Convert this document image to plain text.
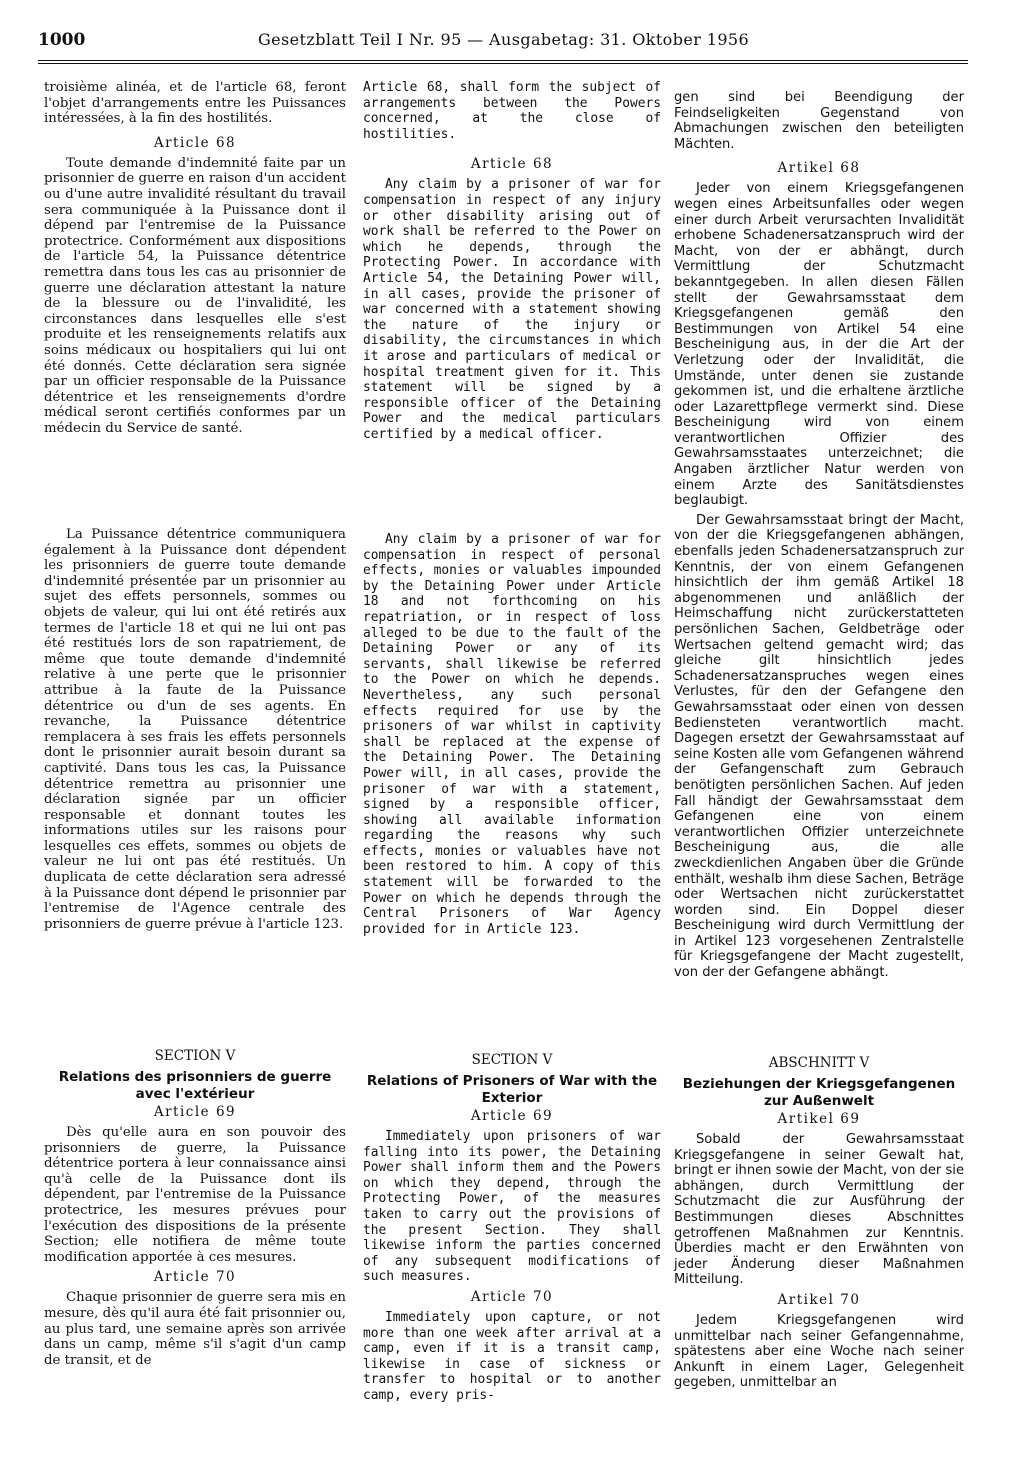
1000	Gesetzblatt Teil I Nr. 95 — Ausgabetag: 31. Oktober 1956

troisième alinéa, et de l'article 68, feront l'objet d'arrangements entre les Puissances intéressées, à la fin des hostilités.

Article 68

Toute demande d'indemnité faite par un prisonnier de guerre en raison d'un accident ou d'une autre invalidité résultant du travail sera communiquée à la Puissance dont il dépend par l'entremise de la Puissance protectrice. Conformément aux dispositions de l'article 54, la Puissance détentrice remettra dans tous les cas au prisonnier de guerre une déclaration attestant la nature de la blessure ou de l'invalidité, les circonstances dans lesquelles elle s'est produite et les renseignements relatifs aux soins médicaux ou hospitaliers qui lui ont été donnés. Cette déclaration sera signée par un officier responsable de la Puissance détentrice et les renseignements d'ordre médical seront certifiés conformes par un médecin du Service de santé.

La Puissance détentrice communiquera également à la Puissance dont dépendent les prisonniers de guerre toute demande d'indemnité présentée par un prisonnier au sujet des effets personnels, sommes ou objets de valeur, qui lui ont été retirés aux termes de l'article 18 et qui ne lui ont pas été restitués lors de son rapatriement, de même que toute demande d'indemnité relative à une perte que le prisonnier attribue à la faute de la Puissance détentrice ou d'un de ses agents. En revanche, la Puissance détentrice remplacera à ses frais les effets personnels dont le prisonnier aurait besoin durant sa captivité. Dans tous les cas, la Puissance détentrice remettra au prisonnier une déclaration signée par un officier responsable et donnant toutes les informations utiles sur les raisons pour lesquelles ces effets, sommes ou objets de valeur ne lui ont pas été restitués. Un duplicata de cette déclaration sera adressé à la Puissance dont dépend le prisonnier par l'entremise de l'Agence centrale des prisonniers de guerre prévue à l'article 123.

SECTION V
Relations des prisonniers de guerre avec l'extérieur
Article 69

Dès qu'elle aura en son pouvoir des prisonniers de guerre, la Puissance détentrice portera à leur connaissance ainsi qu'à celle de la Puissance dont ils dépendent, par l'entremise de la Puissance protectrice, les mesures prévues pour l'exécution des dispositions de la présente Section; elle notifiera de même toute modification apportée à ces mesures.

Article 70

Chaque prisonnier de guerre sera mis en mesure, dès qu'il aura été fait prisonnier ou, au plus tard, une semaine après son arrivée dans un camp, même s'il s'agit d'un camp de transit, et de

Article 68, shall form the subject of arrangements between the Powers concerned, at the close of hostilities.

Article 68

Any claim by a prisoner of war for compensation in respect of any injury or other disability arising out of work shall be referred to the Power on which he depends, through the Protecting Power. In accordance with Article 54, the Detaining Power will, in all cases, provide the prisoner of war concerned with a statement showing the nature of the injury or disability, the circumstances in which it arose and particulars of medical or hospital treatment given for it. This statement will be signed by a responsible officer of the Detaining Power and the medical particulars certified by a medical officer.

Any claim by a prisoner of war for compensation in respect of personal effects, monies or valuables impounded by the Detaining Power under Article 18 and not forthcoming on his repatriation, or in respect of loss alleged to be due to the fault of the Detaining Power or any of its servants, shall likewise be referred to the Power on which he depends. Nevertheless, any such personal effects required for use by the prisoners of war whilst in captivity shall be replaced at the expense of the Detaining Power. The Detaining Power will, in all cases, provide the prisoner of war with a statement, signed by a responsible officer, showing all available information regarding the reasons why such effects, monies or valuables have not been restored to him. A copy of this statement will be forwarded to the Power on which he depends through the Central Prisoners of War Agency provided for in Article 123.

SECTION V
Relations of Prisoners of War with the Exterior
Article 69

Immediately upon prisoners of war falling into its power, the Detaining Power shall inform them and the Powers on which they depend, through the Protecting Power, of the measures taken to carry out the provisions of the present Section. They shall likewise inform the parties concerned of any subsequent modifications of such measures.

Article 70

Immediately upon capture, or not more than one week after arrival at a camp, even if it is a transit camp, likewise in case of sickness or transfer to hospital or to another camp, every pris-

gen sind bei Beendigung der Feindseligkeiten Gegenstand von Abmachungen zwischen den beteiligten Mächten.

Artikel 68

Jeder von einem Kriegsgefangenen wegen eines Arbeitsunfalles oder wegen einer durch Arbeit verursachten Invalidität erhobene Schadenersatzanspruch wird der Macht, von der er abhängt, durch Vermittlung der Schutzmacht bekanntgegeben. In allen diesen Fällen stellt der Gewahrsamsstaat dem Kriegsgefangenen gemäß den Bestimmungen von Artikel 54 eine Bescheinigung aus, in der die Art der Verletzung oder der Invalidität, die Umstände, unter denen sie zustande gekommen ist, und die erhaltene ärztliche oder Lazarettpflege vermerkt sind. Diese Bescheinigung wird von einem verantwortlichen Offizier des Gewahrsamsstaates unterzeichnet; die Angaben ärztlicher Natur werden von einem Arzte des Sanitätsdienstes beglaubigt.

Der Gewahrsamsstaat bringt der Macht, von der die Kriegsgefangenen abhängen, ebenfalls jeden Schadenersatzanspruch zur Kenntnis, der von einem Gefangenen hinsichtlich der ihm gemäß Artikel 18 abgenommenen und anläßlich der Heimschaffung nicht zurückerstatteten persönlichen Sachen, Geldbeträge oder Wertsachen geltend gemacht wird; das gleiche gilt hinsichtlich jedes Schadenersatzanspruches wegen eines Verlustes, für den der Gefangene den Gewahrsamsstaat oder einen von dessen Bediensteten verantwortlich macht. Dagegen ersetzt der Gewahrsamsstaat auf seine Kosten alle vom Gefangenen während der Gefangenschaft zum Gebrauch benötigten persönlichen Sachen. Auf jeden Fall händigt der Gewahrsamsstaat dem Gefangenen eine von einem verantwortlichen Offizier unterzeichnete Bescheinigung aus, die alle zweckdienlichen Angaben über die Gründe enthält, weshalb ihm diese Sachen, Beträge oder Wertsachen nicht zurückerstattet worden sind. Ein Doppel dieser Bescheinigung wird durch Vermittlung der in Artikel 123 vorgesehenen Zentralstelle für Kriegsgefangene der Macht zugestellt, von der der Gefangene abhängt.

ABSCHNITT V
Beziehungen der Kriegsgefangenen zur Außenwelt
Artikel 69

Sobald der Gewahrsamsstaat Kriegsgefangene in seiner Gewalt hat, bringt er ihnen sowie der Macht, von der sie abhängen, durch Vermittlung der Schutzmacht die zur Ausführung der Bestimmungen dieses Abschnittes getroffenen Maßnahmen zur Kenntnis. Überdies macht er den Erwähnten von jeder Änderung dieser Maßnahmen Mitteilung.

Artikel 70

Jedem Kriegsgefangenen wird unmittelbar nach seiner Gefangennahme, spätestens aber eine Woche nach seiner Ankunft in einem Lager, Gelegenheit gegeben, unmittelbar an
